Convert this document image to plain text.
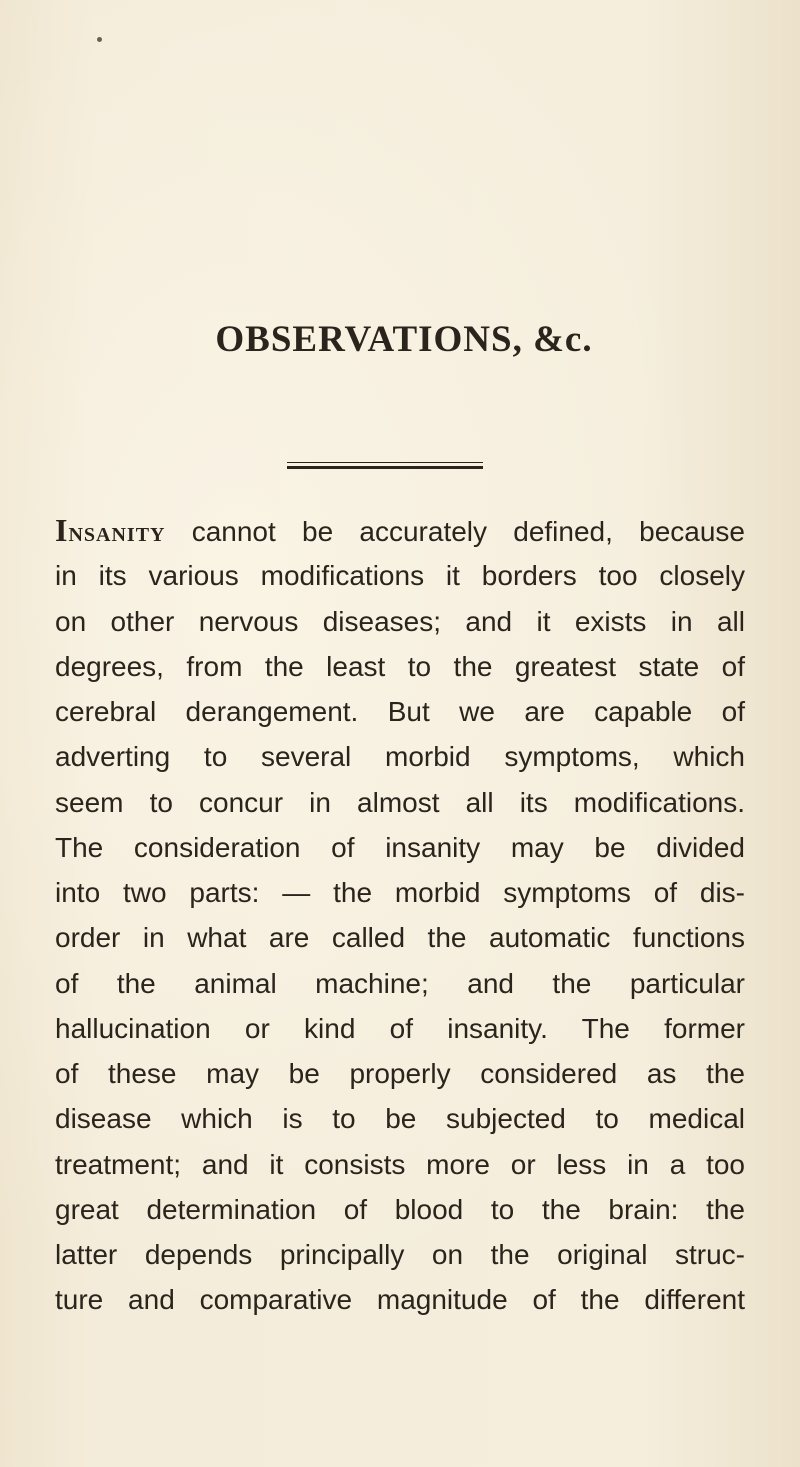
OBSERVATIONS, &c.
Insanity cannot be accurately defined, because
in its various modifications it borders too closely
on other nervous diseases; and it exists in all
degrees, from the least to the greatest state of
cerebral derangement. But we are capable of
adverting to several morbid symptoms, which
seem to concur in almost all its modifications.
The consideration of insanity may be divided
into two parts: — the morbid symptoms of dis-
order in what are called the automatic functions
of the animal machine; and the particular
hallucination or kind of insanity. The former
of these may be properly considered as the
disease which is to be subjected to medical
treatment; and it consists more or less in a too
great determination of blood to the brain: the
latter depends principally on the original struc-
ture and comparative magnitude of the different
